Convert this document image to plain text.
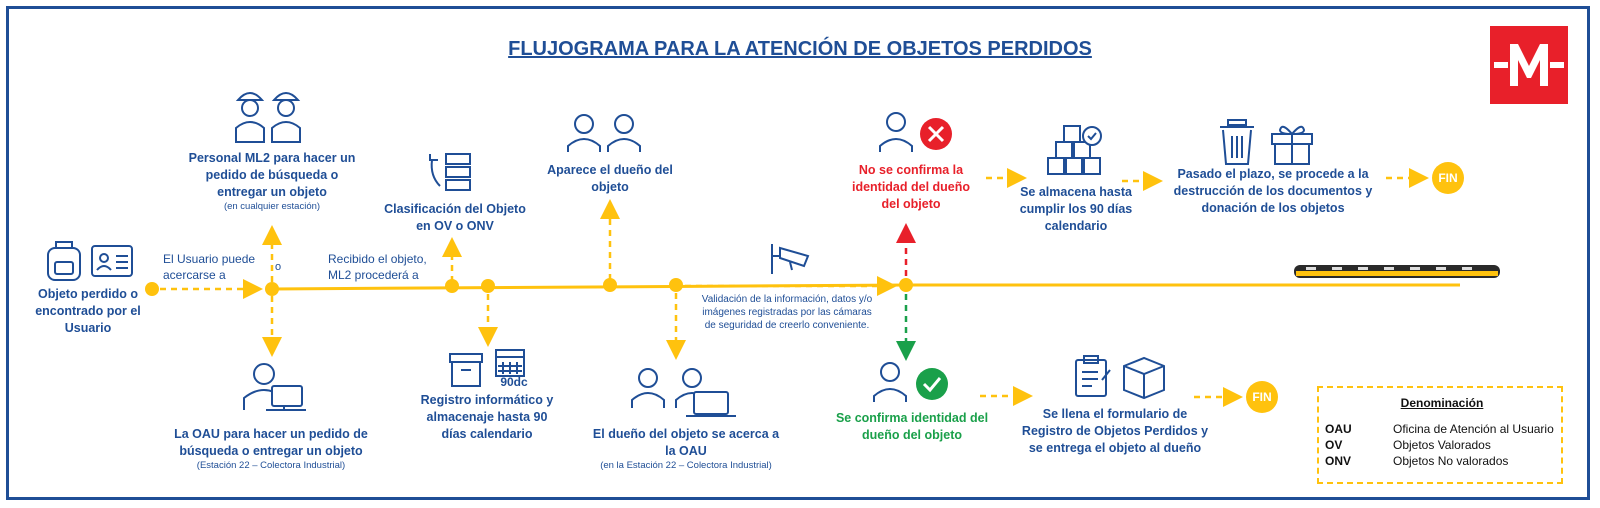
FLUJOGRAMA PARA LA ATENCIÓN DE OBJETOS PERDIDOS
Objeto perdido o encontrado por el Usuario
El Usuario puede acercarse a
o
Personal ML2 para hacer un pedido de búsqueda o entregar un objeto
(en cualquier estación)
La OAU para hacer un pedido de búsqueda o entregar un objeto
(Estación 22 – Colectora Industrial)
Recibido el objeto, ML2 procederá a
Clasificación del Objeto en OV o ONV
90dc
Registro informático y almacenaje hasta 90 días calendario
Aparece el dueño del objeto
El dueño del objeto se acerca a la OAU
(en la Estación 22 – Colectora Industrial)
Validación de la información, datos y/o imágenes registradas por las cámaras de seguridad de creerlo conveniente.
No se confirma la identidad del dueño del objeto
Se almacena hasta cumplir los 90 días calendario
Pasado el plazo, se procede a la destrucción de los documentos y donación de los objetos
FIN
Se confirma identidad del dueño del objeto
Se llena el formulario de Registro de Objetos Perdidos y se entrega el objeto al dueño
FIN	Denominación
OAU	Oficina de Atención al Usuario
OV	Objetos Valorados
ONV	Objetos No valorados
